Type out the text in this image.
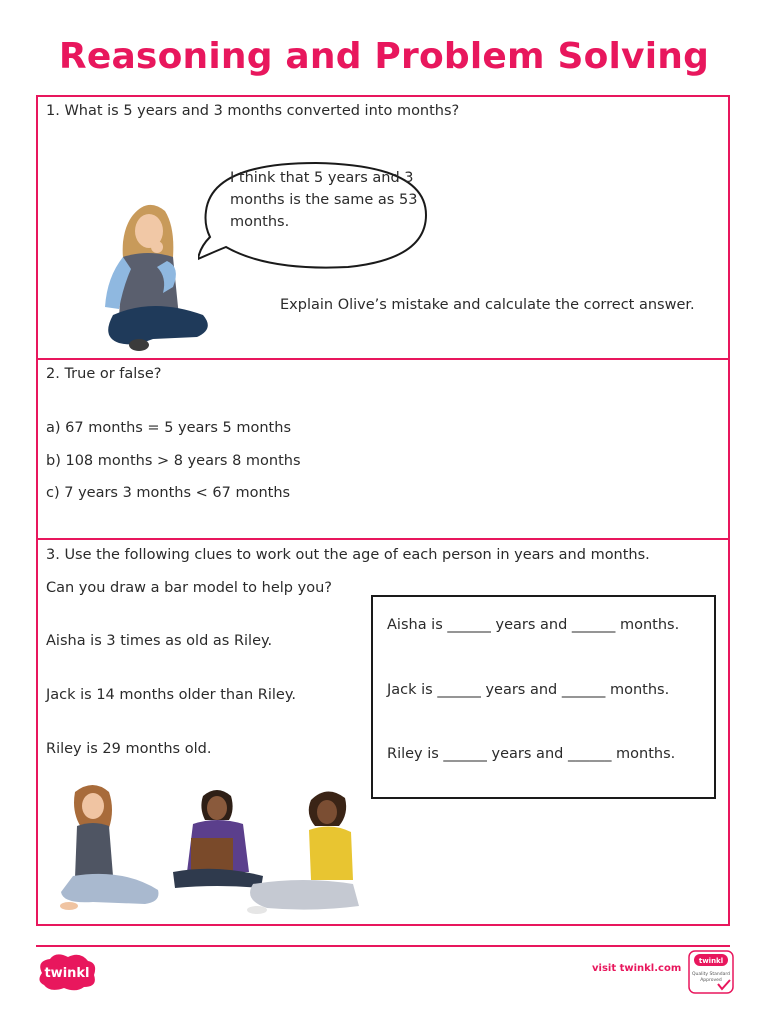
Reasoning and Problem Solving
1. What is 5 years and 3 months converted into months?
I think that 5 years and 3
months is the same as 53
months.
Explain Olive’s mistake and calculate the correct answer.
2. True or false?
a) 67 months = 5 years 5 months
b) 108 months > 8 years 8 months
c) 7 years 3 months < 67 months
3. Use the following clues to work out the age of each person in years and months.
Can you draw a bar model to help you?
Aisha is 3 times as old as Riley.
Jack is 14 months older than Riley.
Riley is 29 months old.
Aisha is ______ years and ______ months.
Jack is ______ years and ______ months.
Riley is ______ years and ______ months.
twinkl	visit twinkl.com
twinkl
Quality Standard
Approved
